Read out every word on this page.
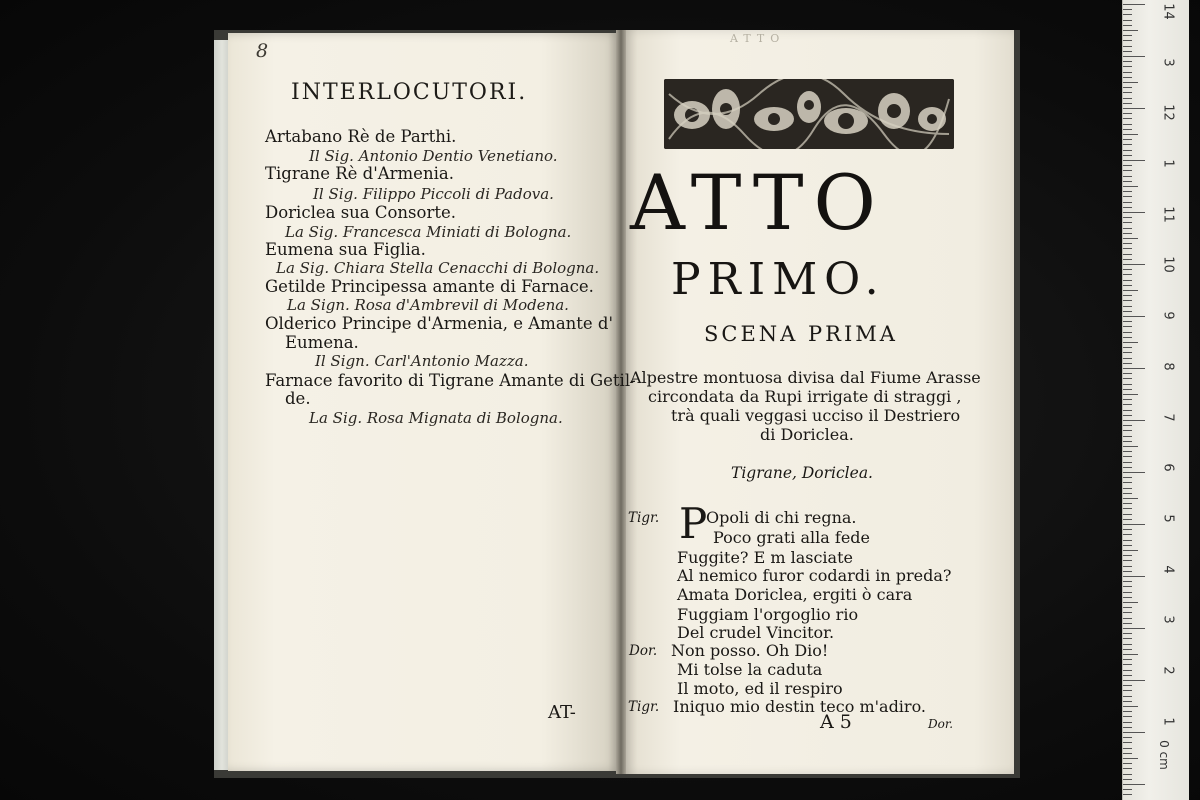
14
3
12
1
11
10
9
8
7
6
5
4
3
2
1
0 cm
8
INTERLOCUTORI.
Artabano Rè de Parthi.
Il Sig. Antonio Dentio Venetiano.
Tigrane Rè d'Armenia.
Il Sig. Filippo Piccoli di Padova.
Doriclea sua Consorte.
La Sig. Francesca Miniati di Bologna.
Eumena sua Figlia.
La Sig. Chiara Stella Cenacchi di Bologna.
Getilde Principessa amante di Farnace.
La Sign. Rosa d'Ambrevil di Modena.
Olderico Principe d'Armenia, e Amante d'
Eumena.
Il Sign. Carl'Antonio Mazza.
Farnace favorito di Tigrane Amante di Getil-
de.
La Sig. Rosa Mignata di Bologna.
AT-
ATTO
ATTO
PRIMO.
SCENA PRIMA
Alpestre montuosa divisa dal Fiume Arasse
circondata da Rupi irrigate di straggi ,
trà quali veggasi ucciso il Destriero
di Doriclea.
Tigrane, Doriclea.
Tigr. P
Opoli di chi regna.
Poco grati alla fede
Fuggite? E m lasciate
Al nemico furor codardi in preda?
Amata Doriclea, ergiti ò cara
Fuggiam l'orgoglio rio
Del crudel Vincitor.
Dor. Non posso. Oh Dio!
Mi tolse la caduta
Il moto, ed il respiro
Tigr. Iniquo mio destin teco m'adiro.
A 5	Dor.
